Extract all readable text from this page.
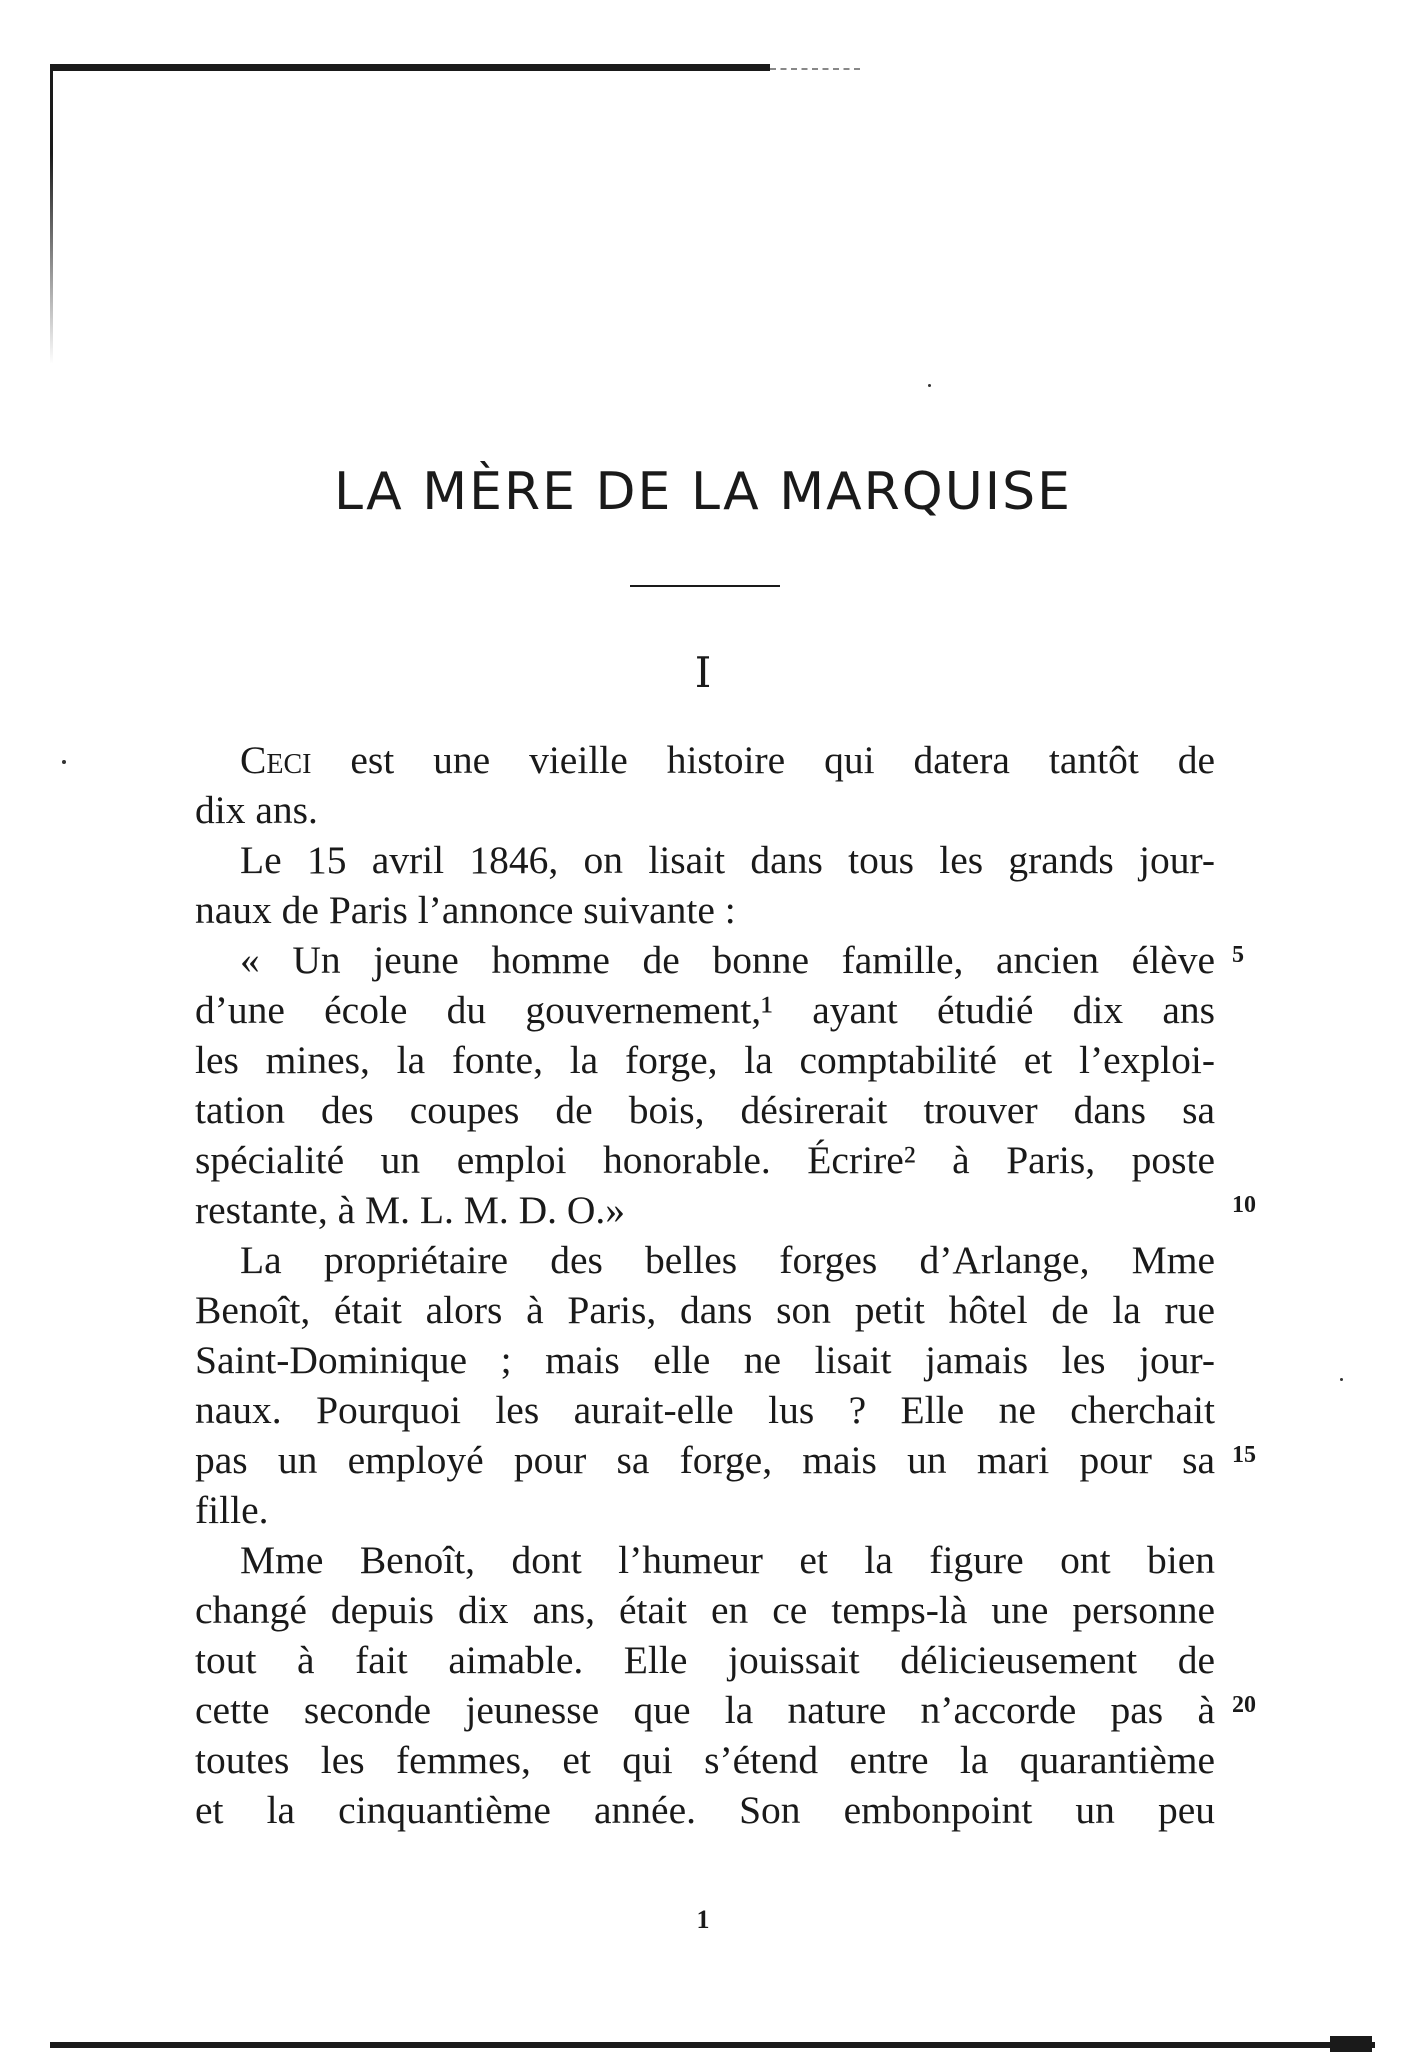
LA MÈRE DE LA MARQUISE
I
Ceci est une vieille histoire qui datera tantôt de
dix ans.
Le 15 avril 1846, on lisait dans tous les grands jour-
naux de Paris l’annonce suivante :
« Un jeune homme de bonne famille, ancien élève
d’une école du gouvernement,¹ ayant étudié dix ans
les mines, la fonte, la forge, la comptabilité et l’exploi-
tation des coupes de bois, désirerait trouver dans sa
spécialité un emploi honorable. Écrire² à Paris, poste
restante, à M. L. M. D. O.»
La propriétaire des belles forges d’Arlange, Mme
Benoît, était alors à Paris, dans son petit hôtel de la rue
Saint-Dominique ; mais elle ne lisait jamais les jour-
naux. Pourquoi les aurait-elle lus ? Elle ne cherchait
pas un employé pour sa forge, mais un mari pour sa
fille.
Mme Benoît, dont l’humeur et la figure ont bien
changé depuis dix ans, était en ce temps-là une personne
tout à fait aimable. Elle jouissait délicieusement de
cette seconde jeunesse que la nature n’accorde pas à
toutes les femmes, et qui s’étend entre la quarantième
et la cinquantième année. Son embonpoint un peu
5
10
15
20
1
